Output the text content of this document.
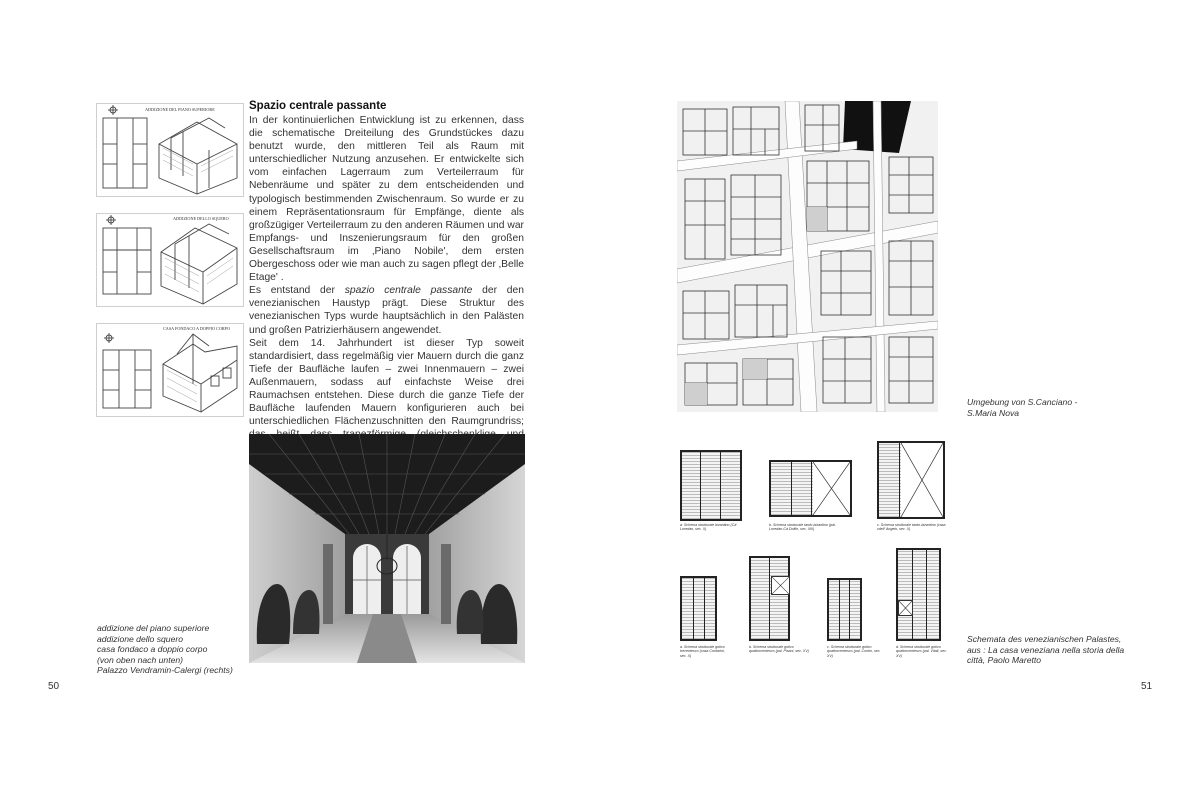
ADDIZIONE DEL PIANO SUPERIORE
ADDIZIONE DELLO SQUERO
CASA FONDACO A DOPPIO CORPO
Spazio centrale passante

In der kontinuierlichen Entwicklung ist zu erkennen, dass die schematische Dreiteilung des Grundstückes dazu benutzt wurde, den mittleren Teil als Raum mit unterschiedlicher Nutzung anzusehen. Er entwickelte sich vom einfachen Lagerraum zum Verteilerraum für Nebenräume und später zu dem entscheidenden und typologisch bestimmenden Zwischenraum. So wurde er zu einem Repräsentationsraum für Empfänge, diente als großzügiger Verteilerraum zu den anderen Räumen und war Empfangs- und Inszenierungsraum für den großen Gesellschaftsraum im ‚Piano Nobile', dem ersten Obergeschoss oder wie man auch zu sagen pflegt der ‚Belle Etage' .

Es entstand der spazio centrale passante der den venezianischen Haustyp prägt. Diese Struktur des venezianischen Typs wurde hauptsächlich in den Palästen und großen Patrizierhäusern angewendet.

Seit dem 14. Jahrhundert ist dieser Typ soweit standardisiert, dass regelmäßig vier Mauern durch die ganz Tiefe der Baufläche laufen – zwei Innenmauern – zwei Außenmauern, sodass auf einfachste Weise drei Raumachsen entstehen. Diese durch die ganze Tiefe der Baufläche laufenden Mauern konfigurieren auch bei unterschiedlichen Flächenzuschnitten den Raumgrundriss;

addizione del piano superiore
addizione dello squero
casa fondaco a doppio corpo
(von oben nach unten)
Palazzo Vendramin-Calergi (rechts)
50
Umgebung von S.Canciano -
S.Maria Nova
a. Schema strutturale bizantino (Cà' Loredan, sec. X)
b. Schema strutturale tardo-bizantino (pal. Loredan-Cà Dolfin, sec. XIII)
c. Schema strutturale tardo-bizantino (casa vdell' Angelo, sec. X)
a. Schema strutturale gotico trecentesco (casa Contarini, sec. X)
b. Schema strutturale gotico quattrocentesco (pal. Pisani, sec. XV)
c. Schema strutturale gotico quattrocentesco (pal. Contin, sec. XV)
d. Schema strutturale gotico quattrocentesco (pal. Vitali, sec. XV)
Schemata des venezianischen Palastes,
aus : La casa veneziana nella storia della
città, Paolo Maretto
51
